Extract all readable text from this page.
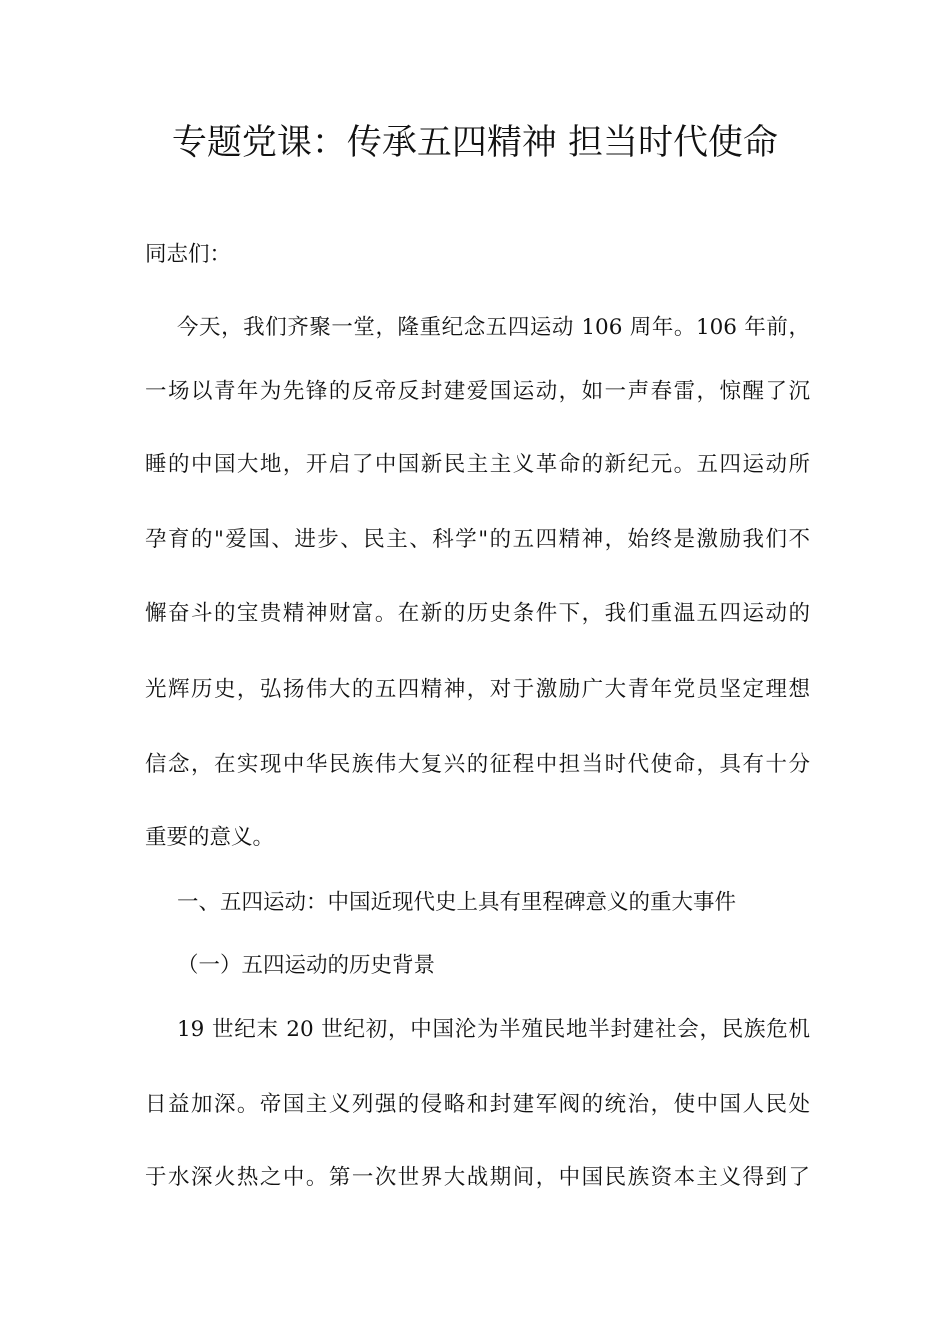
专题党课：传承五四精神 担当时代使命
同志们：
今天，我们齐聚一堂，隆重纪念五四运动 106 周年。106 年前，
一场以青年为先锋的反帝反封建爱国运动，如一声春雷，惊醒了沉
睡的中国大地，开启了中国新民主主义革命的新纪元。五四运动所
孕育的"爱国、进步、民主、科学"的五四精神，始终是激励我们不
懈奋斗的宝贵精神财富。在新的历史条件下，我们重温五四运动的
光辉历史，弘扬伟大的五四精神，对于激励广大青年党员坚定理想
信念，在实现中华民族伟大复兴的征程中担当时代使命，具有十分
重要的意义。
一、五四运动：中国近现代史上具有里程碑意义的重大事件
（一）五四运动的历史背景
19 世纪末 20 世纪初，中国沦为半殖民地半封建社会，民族危机
日益加深。帝国主义列强的侵略和封建军阀的统治，使中国人民处
于水深火热之中。第一次世界大战期间，中国民族资本主义得到了
